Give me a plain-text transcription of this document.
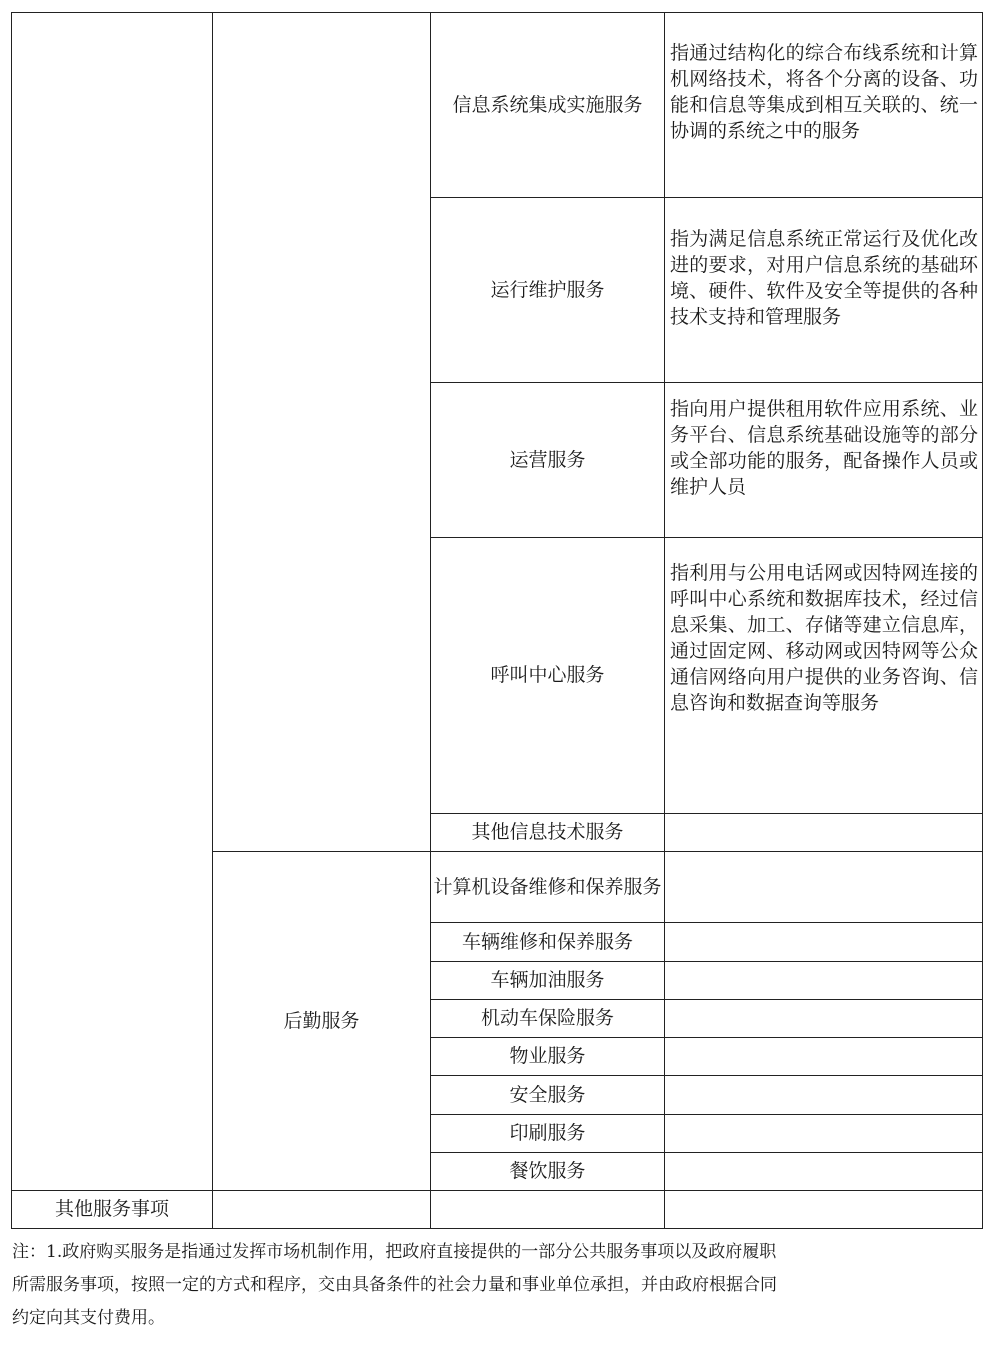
信息系统集成实施服务
指通过结构化的综合布线系统和计算机网络技术，将各个分离的设备、功能和信息等集成到相互关联的、统一协调的系统之中的服务
运行维护服务
指为满足信息系统正常运行及优化改进的要求，对用户信息系统的基础环境、硬件、软件及安全等提供的各种技术支持和管理服务
运营服务
指向用户提供租用软件应用系统、业务平台、信息系统基础设施等的部分或全部功能的服务，配备操作人员或维护人员
呼叫中心服务
指利用与公用电话网或因特网连接的呼叫中心系统和数据库技术，经过信息采集、加工、存储等建立信息库，通过固定网、移动网或因特网等公众通信网络向用户提供的业务咨询、信息咨询和数据查询等服务
其他信息技术服务
后勤服务
计算机设备维修和保养服务
车辆维修和保养服务
车辆加油服务
机动车保险服务
物业服务
安全服务
印刷服务
餐饮服务
其他服务事项
注：1.政府购买服务是指通过发挥市场机制作用，把政府直接提供的一部分公共服务事项以及政府履职
所需服务事项，按照一定的方式和程序，交由具备条件的社会力量和事业单位承担，并由政府根据合同
约定向其支付费用。
